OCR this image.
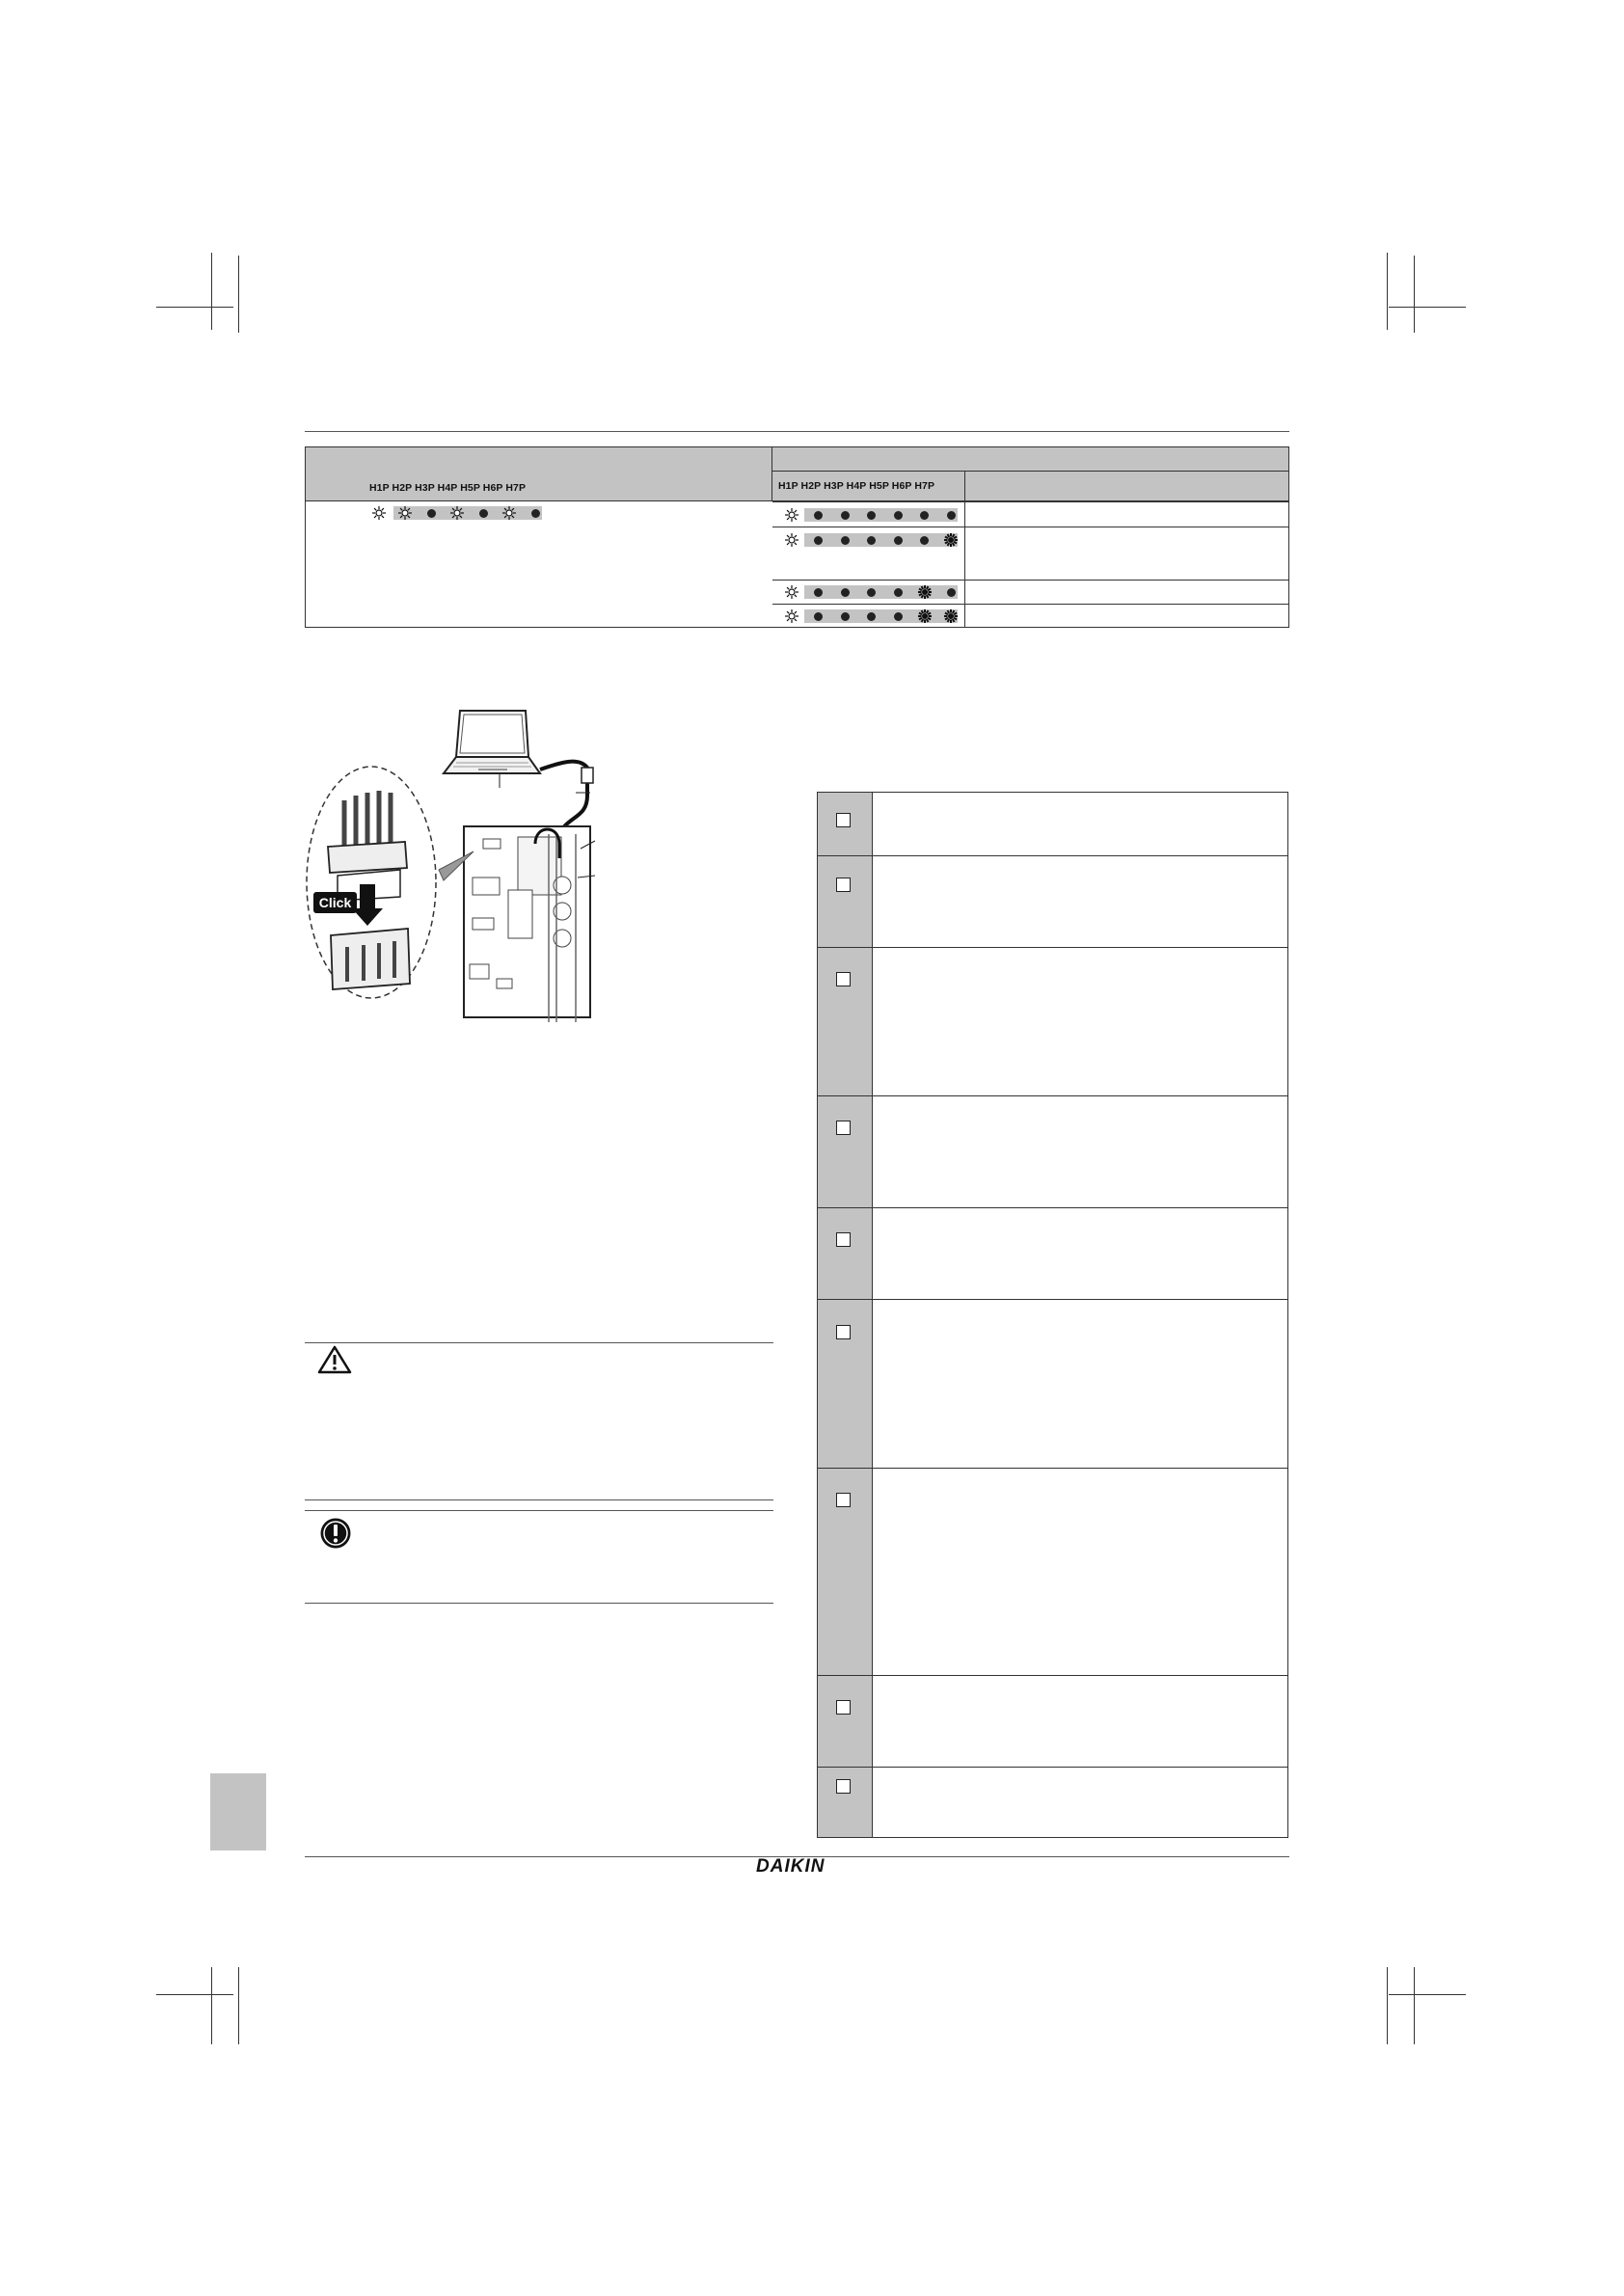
H1P H2P H3P H4P H5P H6P H7P	H1P H2P H3P H4P H5P H6P H7P
Click
DAIKIN
